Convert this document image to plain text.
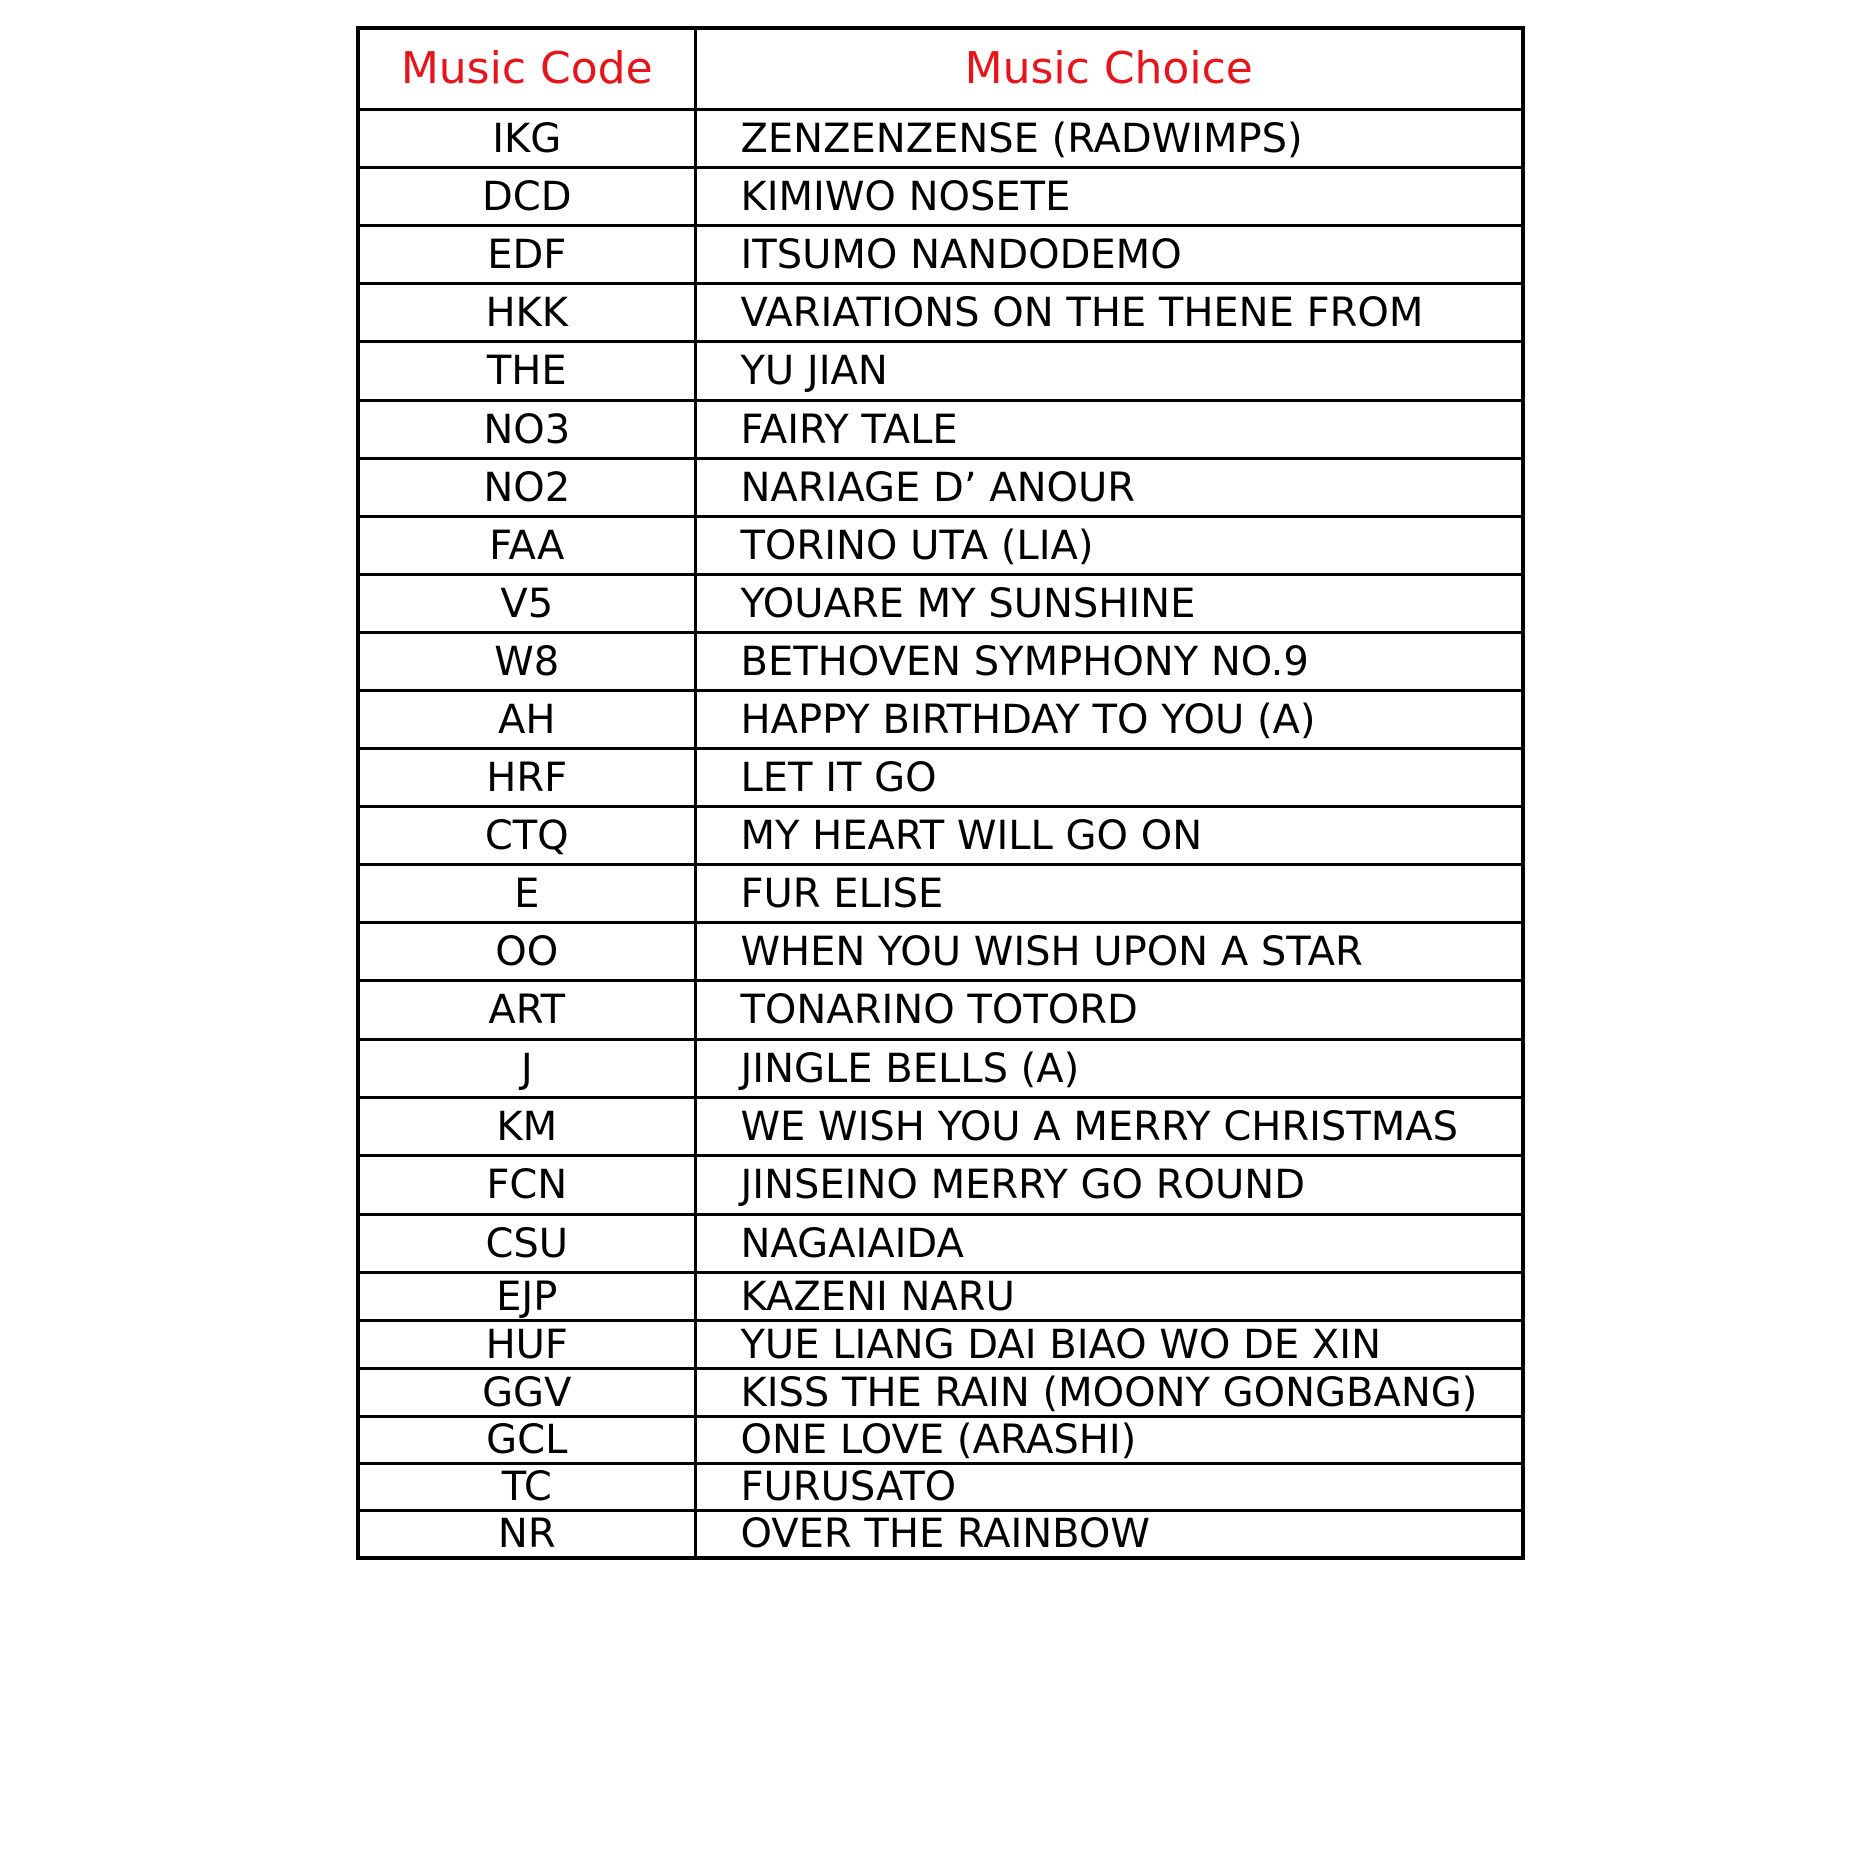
Music Code	Music Choice
IKG	ZENZENZENSE (RADWIMPS)
DCD	KIMIWO NOSETE
EDF	ITSUMO NANDODEMO
HKK	VARIATIONS ON THE THENE FROM
THE	YU JIAN
NO3	FAIRY TALE
NO2	NARIAGE D’ ANOUR
FAA	TORINO UTA (LIA)
V5	YOUARE MY SUNSHINE
W8	BETHOVEN SYMPHONY NO.9
AH	HAPPY BIRTHDAY TO YOU (A)
HRF	LET IT GO
CTQ	MY HEART WILL GO ON
E	FUR ELISE
OO	WHEN YOU WISH UPON A STAR
ART	TONARINO TOTORD
J	JINGLE BELLS (A)
KM	WE WISH YOU A MERRY CHRISTMAS
FCN	JINSEINO MERRY GO ROUND
CSU	NAGAIAIDA
EJP	KAZENI NARU
HUF	YUE LIANG DAI BIAO WO DE XIN
GGV	KISS THE RAIN (MOONY GONGBANG)
GCL	ONE LOVE (ARASHI)
TC	FURUSATO
NR	OVER THE RAINBOW
